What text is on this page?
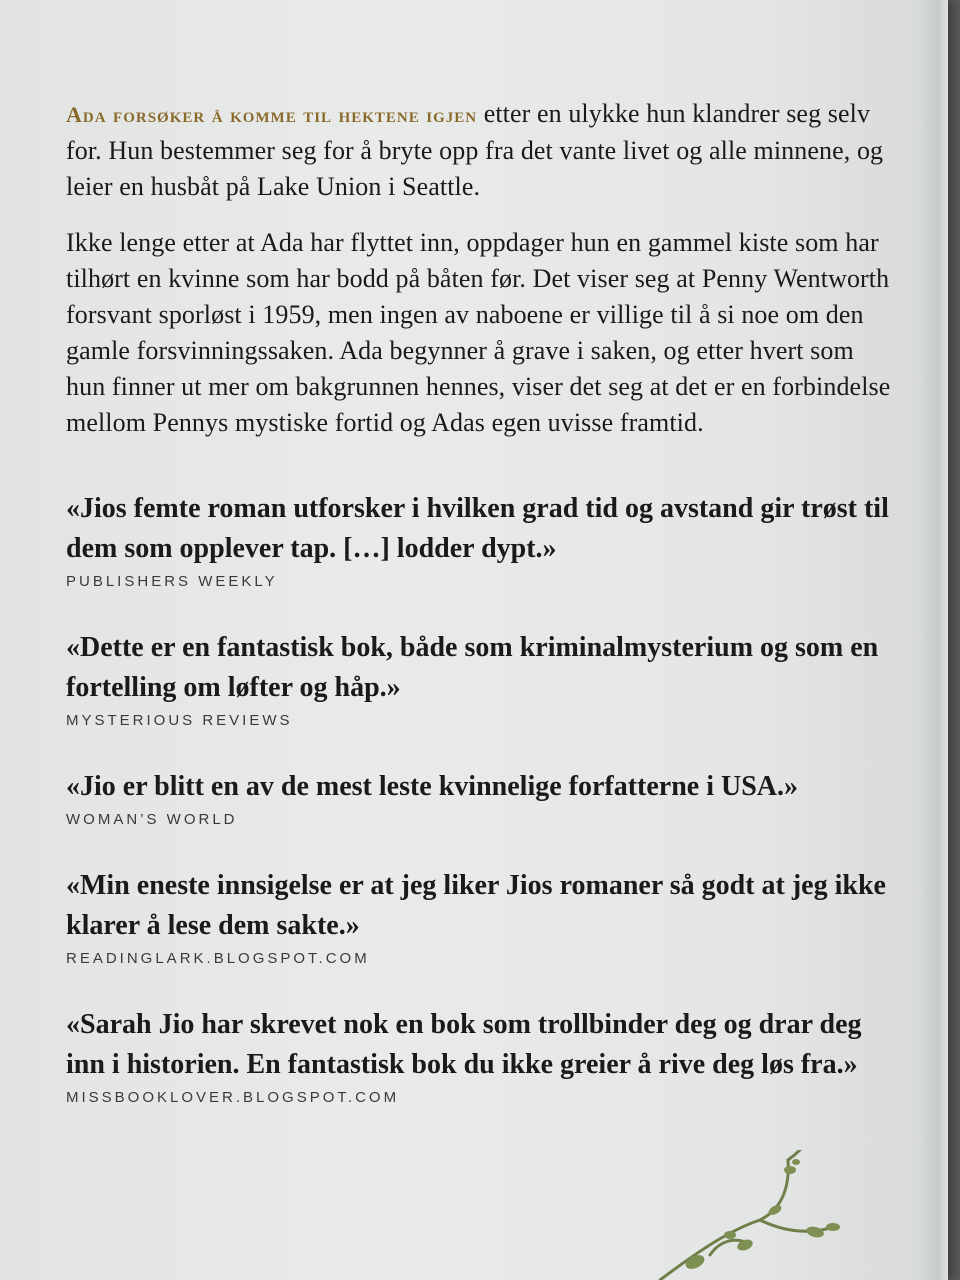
Ada forsøker å komme til hektene igjen etter en ulykke hun klandrer seg selv for. Hun bestemmer seg for å bryte opp fra det vante livet og alle minnene, og leier en husbåt på Lake Union i Seattle.

Ikke lenge etter at Ada har flyttet inn, oppdager hun en gammel kiste som har tilhørt en kvinne som har bodd på båten før. Det viser seg at Penny Wentworth forsvant sporløst i 1959, men ingen av naboene er villige til å si noe om den gamle forsvinningssaken. Ada begynner å grave i saken, og etter hvert som hun finner ut mer om bakgrunnen hennes, viser det seg at det er en forbindelse mellom Pennys mystiske fortid og Adas egen uvisse framtid.

«Jios femte roman utforsker i hvilken grad tid og avstand gir trøst til dem som opplever tap. […] lodder dypt.»

PUBLISHERS WEEKLY

«Dette er en fantastisk bok, både som kriminalmysterium og som en fortelling om løfter og håp.»

MYSTERIOUS REVIEWS

«Jio er blitt en av de mest leste kvinnelige forfatterne i USA.»

WOMAN’S WORLD

«Min eneste innsigelse er at jeg liker Jios romaner så godt at jeg ikke klarer å lese dem sakte.»

READINGLARK.BLOGSPOT.COM

«Sarah Jio har skrevet nok en bok som trollbinder deg og drar deg inn i historien. En fantastisk bok du ikke greier å rive deg løs fra.»

MISSBOOKLOVER.BLOGSPOT.COM
